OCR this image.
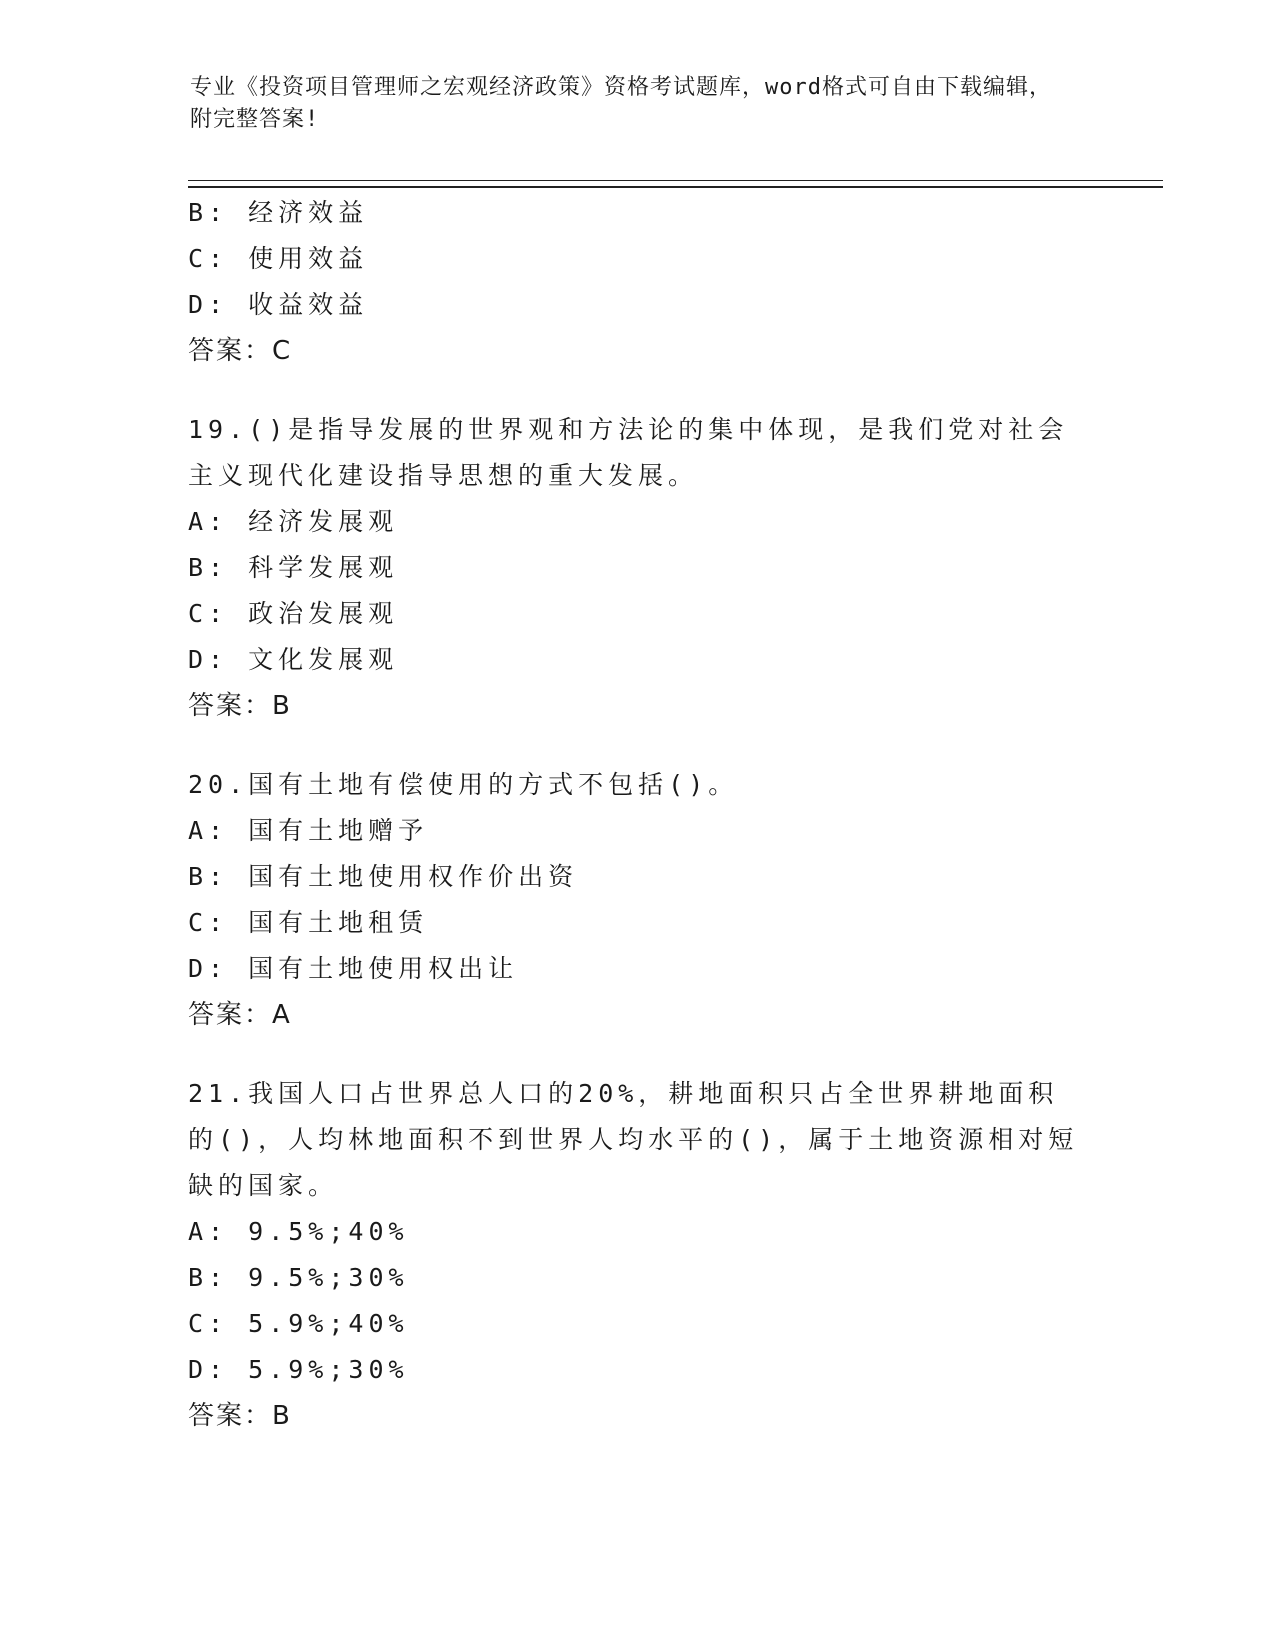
专业《投资项目管理师之宏观经济政策》资格考试题库，word格式可自由下载编辑，附完整答案!
B: 经济效益
C: 使用效益
D: 收益效益
答案：C
19.()是指导发展的世界观和方法论的集中体现，是我们党对社会主义现代化建设指导思想的重大发展。
A: 经济发展观
B: 科学发展观
C: 政治发展观
D: 文化发展观
答案：B
20.国有土地有偿使用的方式不包括()。
A: 国有土地赠予
B: 国有土地使用权作价出资
C: 国有土地租赁
D: 国有土地使用权出让
答案：A
21.我国人口占世界总人口的20%，耕地面积只占全世界耕地面积的()，人均林地面积不到世界人均水平的()，属于土地资源相对短缺的国家。
A: 9.5%;40%
B: 9.5%;30%
C: 5.9%;40%
D: 5.9%;30%
答案：B
